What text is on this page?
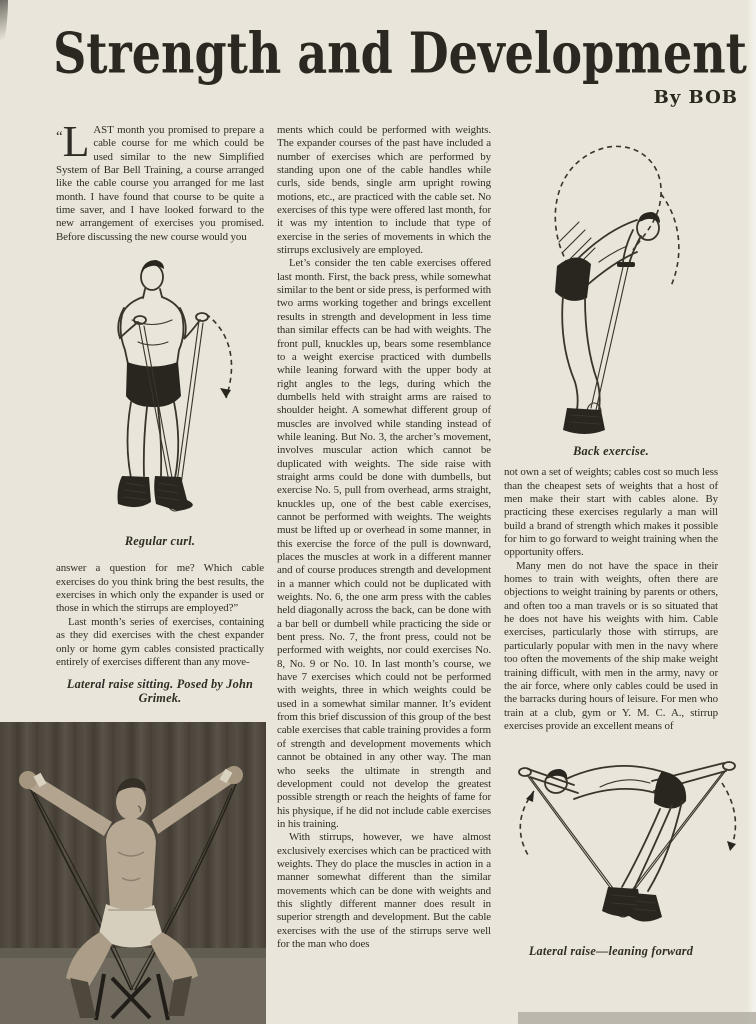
Strength and Development
By BOB

“L AST month you promised to prepare a cable course for me which could be used similar to the new Simplified System of Bar Bell Training, a course arranged like the cable course you arranged for me last month. I have found that course to be quite a time saver, and I have looked forward to the new arrangement of exercises you promised. Before discussing the new course would you

Regular curl.

answer a question for me? Which cable exercises do you think bring the best results, the exercises in which only the expander is used or those in which the stirrups are employed?”

Last month’s series of exercises, containing as they did exercises with the chest expander only or home gym cables consisted practically entirely of exercises different than any move-

Lateral raise sitting. Posed by John Grimek.

ments which could be performed with weights. The expander courses of the past have included a number of exercises which are performed by standing upon one of the cable handles while curls, side bends, single arm upright rowing motions, etc., are practiced with the cable set. No exercises of this type were offered last month, for it was my intention to include that type of exercise in the series of movements in which the stirrups exclusively are employed.

Let’s consider the ten cable exercises offered last month. First, the back press, while somewhat similar to the bent or side press, is performed with two arms working together and brings excellent results in strength and development in less time than similar effects can be had with weights. The front pull, knuckles up, bears some resemblance to a weight exercise practiced with dumbells while leaning forward with the upper body at right angles to the legs, during which the dumbells held with straight arms are raised to shoulder height. A somewhat different group of muscles are involved while standing instead of while leaning. But No. 3, the archer’s movement, involves muscular action which cannot be duplicated with weights. The side raise with straight arms could be done with dumbells, but exercise No. 5, pull from overhead, arms straight, knuckles up, one of the best cable exercises, cannot be performed with weights. The weights must be lifted up or overhead in some manner, in this exercise the force of the pull is downward, places the muscles at work in a different manner and of course produces strength and development in a manner which could not be duplicated with weights. No. 6, the one arm press with the cables held diagonally across the back, can be done with a bar bell or dumbell while practicing the side or bent press. No. 7, the front press, could not be performed with weights, nor could exercises No. 8, No. 9 or No. 10. In last month’s course, we have 7 exercises which could not be performed with weights, three in which weights could be used in a somewhat similar manner. It’s evident from this brief discussion of this group of the best cable exercises that cable training provides a form of strength and development movements which cannot be obtained in any other way. The man who seeks the ultimate in strength and development could not develop the greatest possible strength or reach the heights of fame for his physique, if he did not include cable exercises in his training.

With stirrups, however, we have almost exclusively exercises which can be practiced with weights. They do place the muscles in action in a manner somewhat different than the similar movements which can be done with weights and this slightly different manner does result in superior strength and development. But the cable exercises with the use of the stirrups serve well for the man who does

Back exercise.

not own a set of weights; cables cost so much less than the cheapest sets of weights that a host of men make their start with cables alone. By practicing these exercises regularly a man will build a brand of strength which makes it possible for him to go forward to weight training when the opportunity offers.

Many men do not have the space in their homes to train with weights, often there are objections to weight training by parents or others, and often too a man travels or is so situated that he does not have his weights with him. Cable exercises, particularly those with stirrups, are particularly popular with men in the navy where too often the movements of the ship make weight training difficult, with men in the army, navy or the air force, where only cables could be used in the barracks during hours of leisure. For men who train at a club, gym or Y. M. C. A., stirrup exercises provide an excellent means of

Lateral raise—leaning forward
